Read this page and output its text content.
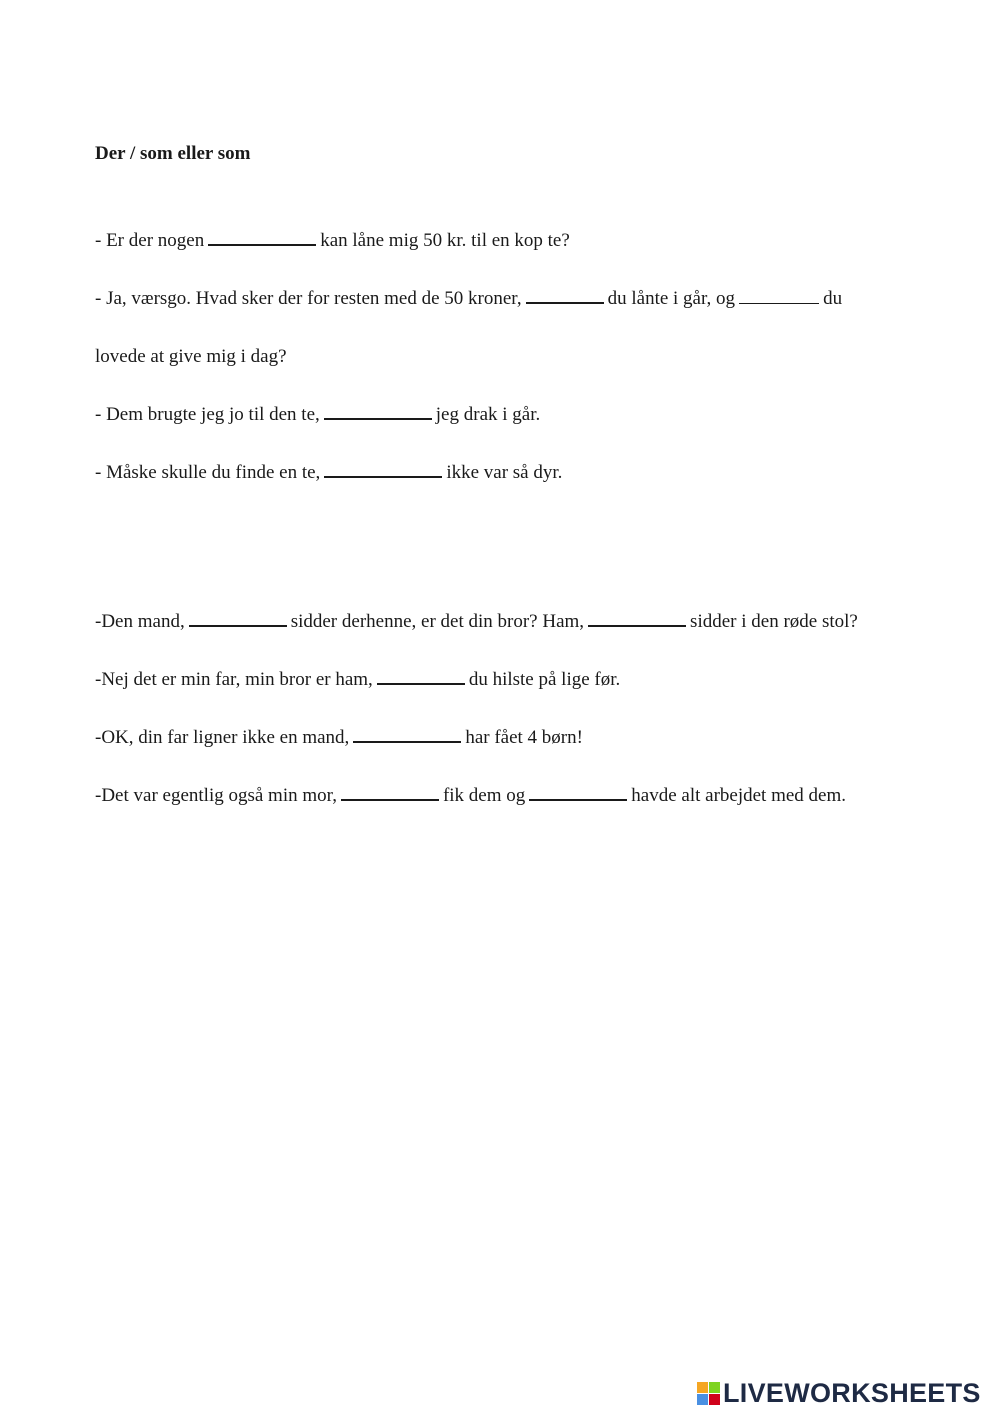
Der / som eller som
- Er der nogen	kan låne mig 50 kr. til en kop te?
- Ja, værsgo. Hvad sker der for resten med de 50 kroner,	du lånte i går, og	du
lovede at give mig i dag?
- Dem brugte jeg jo til den te,	jeg drak i går.
- Måske skulle du finde en te,	ikke var så dyr.
-Den mand,	sidder derhenne, er det din bror? Ham,	sidder i den røde stol?
-Nej det er min far, min bror er ham,	du hilste på lige før.
-OK, din far ligner ikke en mand,	har fået 4 børn!
-Det var egentlig også min mor,	fik dem og	havde alt arbejdet med dem.
LIVEWORKSHEETS
